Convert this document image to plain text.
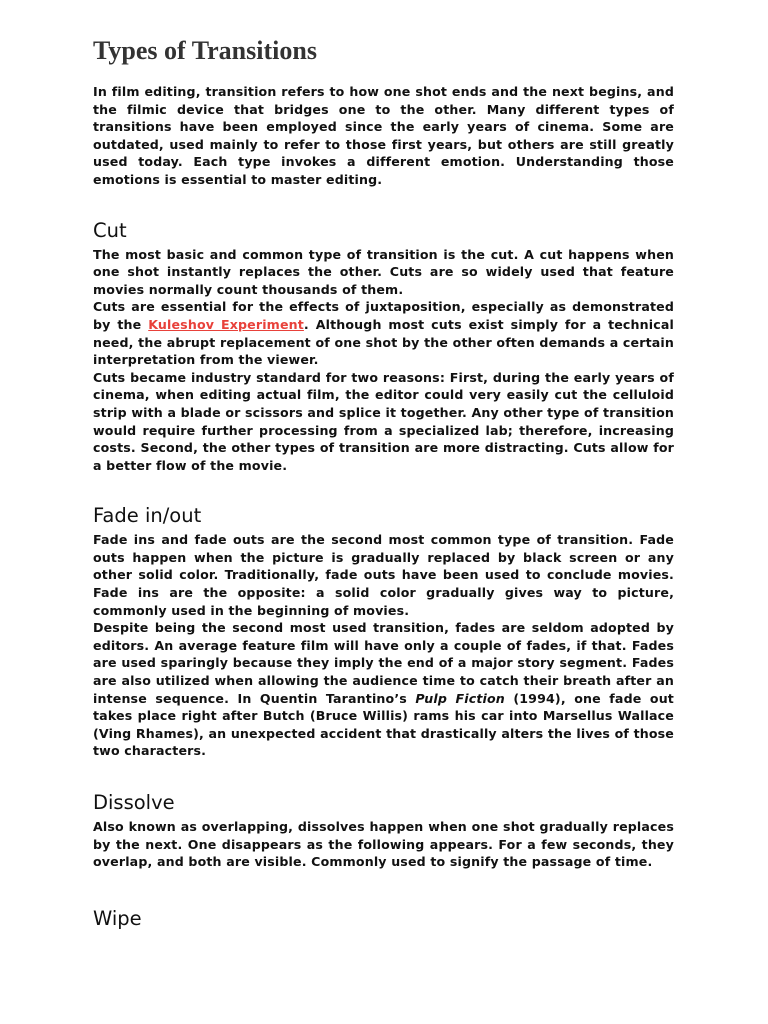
Types of Transitions

In film editing, transition refers to how one shot ends and the next begins, and the filmic device that bridges one to the other. Many different types of transitions have been employed since the early years of cinema. Some are outdated, used mainly to refer to those first years, but others are still greatly used today. Each type invokes a different emotion. Understanding those emotions is essential to master editing.

Cut

The most basic and common type of transition is the cut. A cut happens when one shot instantly replaces the other. Cuts are so widely used that feature movies normally count thousands of them.

Cuts are essential for the effects of juxtaposition, especially as demonstrated by the Kuleshov Experiment. Although most cuts exist simply for a technical need, the abrupt replacement of one shot by the other often demands a certain interpretation from the viewer.

Cuts became industry standard for two reasons: First, during the early years of cinema, when editing actual film, the editor could very easily cut the celluloid strip with a blade or scissors and splice it together. Any other type of transition would require further processing from a specialized lab; therefore, increasing costs. Second, the other types of transition are more distracting. Cuts allow for a better flow of the movie.

Fade in/out

Fade ins and fade outs are the second most common type of transition. Fade outs happen when the picture is gradually replaced by black screen or any other solid color. Traditionally, fade outs have been used to conclude movies. Fade ins are the opposite: a solid color gradually gives way to picture, commonly used in the beginning of movies.

Despite being the second most used transition, fades are seldom adopted by editors. An average feature film will have only a couple of fades, if that. Fades are used sparingly because they imply the end of a major story segment. Fades are also utilized when allowing the audience time to catch their breath after an intense sequence. In Quentin Tarantino’s Pulp Fiction (1994), one fade out takes place right after Butch (Bruce Willis) rams his car into Marsellus Wallace (Ving Rhames), an unexpected accident that drastically alters the lives of those two characters.

Dissolve

Also known as overlapping, dissolves happen when one shot gradually replaces by the next. One disappears as the following appears. For a few seconds, they overlap, and both are visible. Commonly used to signify the passage of time.

Wipe
